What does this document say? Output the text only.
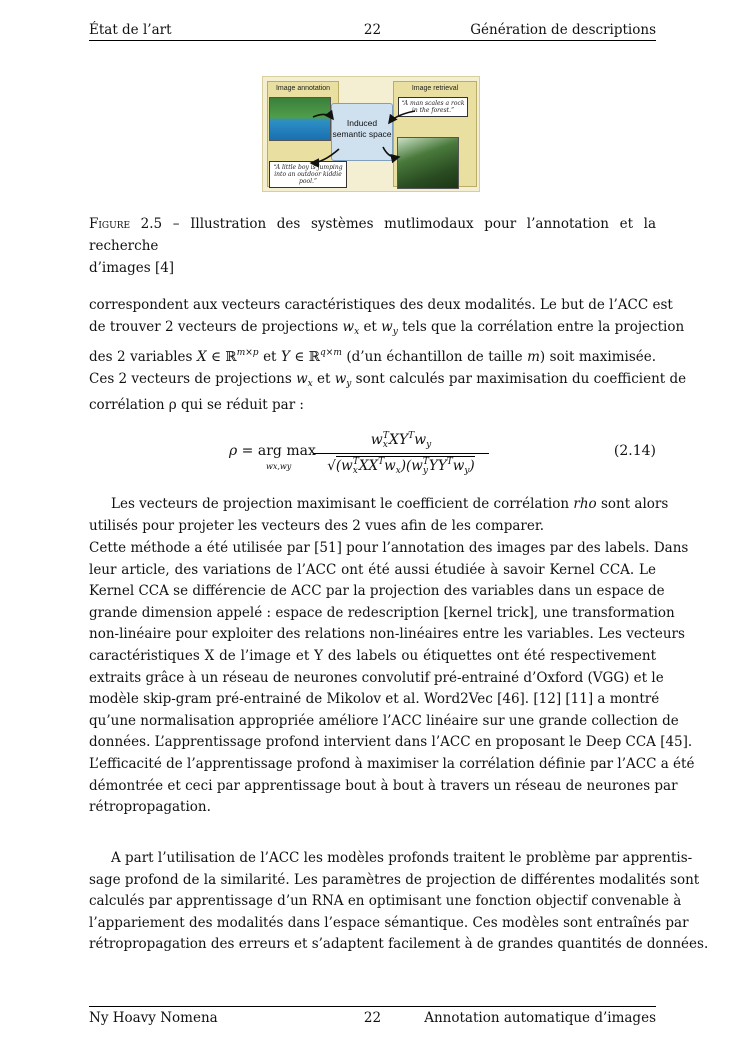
État de l’art	22	Génération de descriptions
Image annotation	Image retrieval
Induced semantic space
“A man scales a rock in the forest.”
“A little boy is jumping into an outdoor kiddie pool.”
Figure 2.5 – Illustration des systèmes mutlimodaux pour l’annotation et la recherche
d’images [4]
correspondent aux vecteurs caractéristiques des deux modalités. Le but de l’ACC est
de trouver 2 vecteurs de projections $w_x$ et $w_y$ tels que la corrélation entre la projection
des 2 variables X ∈ ℝ$^{m\times p}$ et Y ∈ ℝ$^{q\times m}$ (d’un échantillon de taille m) soit maximisée.
Ces 2 vecteurs de projections $w_x$ et $w_y$ sont calculés par maximisation du coefficient de
corrélation ρ qui se réduit par :
ρ = arg max
wx,wy
$w_x^TXY^Tw_y$
$√(w_x^TXX^Tw_x)(w_y^TYY^Tw_y)$
(2.14)
Les vecteurs de projection maximisant le coefficient de corrélation rho sont alors
utilisés pour projeter les vecteurs des 2 vues afin de les comparer.
Cette méthode a été utilisée par [51] pour l’annotation des images par des labels. Dans
leur article, des variations de l’ACC ont été aussi étudiée à savoir Kernel CCA. Le
Kernel CCA se différencie de ACC par la projection des variables dans un espace de
grande dimension appelé : espace de redescription [kernel trick], une transformation
non-linéaire pour exploiter des relations non-linéaires entre les variables. Les vecteurs
caractéristiques X de l’image et Y des labels ou étiquettes ont été respectivement
extraits grâce à un réseau de neurones convolutif pré-entrainé d’Oxford (VGG) et le
modèle skip-gram pré-entrainé de Mikolov et al. Word2Vec [46]. [12] [11] a montré
qu’une normalisation appropriée améliore l’ACC linéaire sur une grande collection de
données. L’apprentissage profond intervient dans l’ACC en proposant le Deep CCA [45].
L’efficacité de l’apprentissage profond à maximiser la corrélation définie par l’ACC a été
démontrée et ceci par apprentissage bout à bout à travers un réseau de neurones par
rétropropagation.
A part l’utilisation de l’ACC les modèles profonds traitent le problème par apprentis-
sage profond de la similarité. Les paramètres de projection de différentes modalités sont
calculés par apprentissage d’un RNA en optimisant une fonction objectif convenable à
l’appariement des modalités dans l’espace sémantique. Ces modèles sont entraînés par
rétropropagation des erreurs et s’adaptent facilement à de grandes quantités de données.
Ny Hoavy Nomena	22	Annotation automatique d’images
